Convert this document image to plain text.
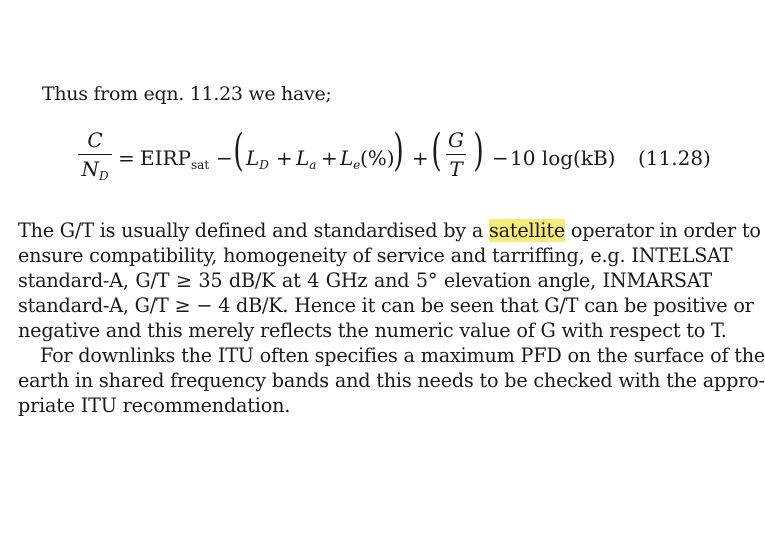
Thus from eqn. 11.23 we have;
C
$N_D$
= $EIRP_{sat}$ − ( $L_D + L_a + L_e$ (%)
) + ( G
T ) − 10 log(kB) (11.28)
The G/T is usually defined and standardised by a satellite operator in order to
ensure compatibility, homogeneity of service and tarriffing, e.g. INTELSAT
standard-A, G/T ≥ 35 dB/K at 4 GHz and 5° elevation angle, INMARSAT
standard-A, G/T ≥ − 4 dB/K. Hence it can be seen that G/T can be positive or
negative and this merely reflects the numeric value of G with respect to T.
For downlinks the ITU often specifies a maximum PFD on the surface of the
earth in shared frequency bands and this needs to be checked with the appro-
priate ITU recommendation.
